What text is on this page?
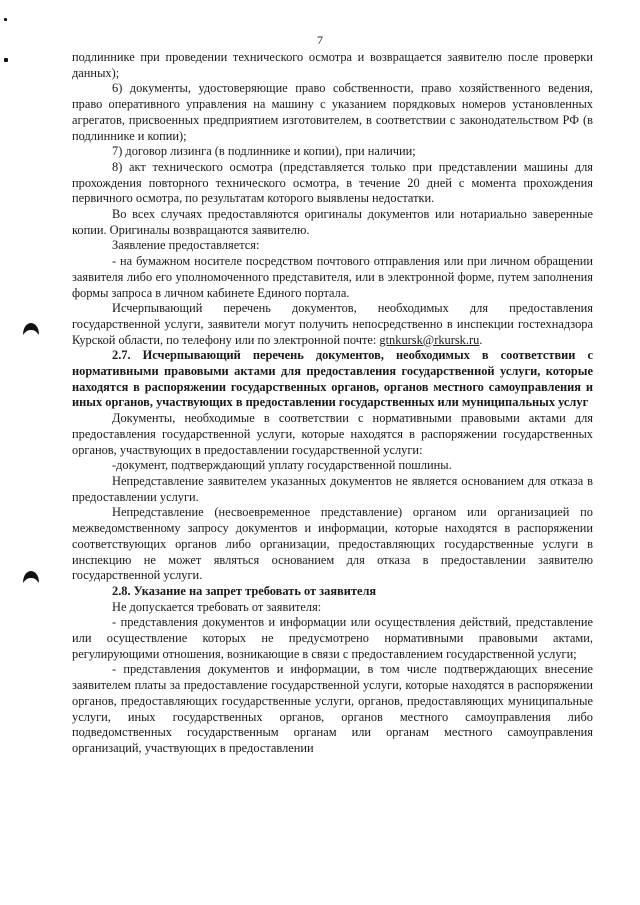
7

подлиннике при проведении технического осмотра и возвращается заявителю после проверки данных);

6) документы, удостоверяющие право собственности, право хозяйственного ведения, право оперативного управления на машину с указанием порядковых номеров установленных агрегатов, присвоенных предприятием изготовителем, в соответствии с законодательством РФ (в подлиннике и копии);

7) договор лизинга (в подлиннике и копии), при наличии;

8) акт технического осмотра (представляется только при представлении машины для прохождения повторного технического осмотра, в течение 20 дней с момента прохождения первичного осмотра, по результатам которого выявлены недостатки.

Во всех случаях предоставляются оригиналы документов или нотариально заверенные копии. Оригиналы возвращаются заявителю.

Заявление предоставляется:

- на бумажном носителе посредством почтового отправления или при личном обращении заявителя либо его уполномоченного представителя, или в электронной форме, путем заполнения формы запроса в личном кабинете Единого портала.

Исчерпывающий перечень документов, необходимых для предоставления государственной услуги, заявители могут получить непосредственно в инспекции гостехнадзора Курской области, по телефону или по электронной почте: gtnkursk@rkursk.ru.

2.7. Исчерпывающий перечень документов, необходимых в соответствии с нормативными правовыми актами для предоставления государственной услуги, которые находятся в распоряжении государственных органов, органов местного самоуправления и иных органов, участвующих в предоставлении государственных или муниципальных услуг

Документы, необходимые в соответствии с нормативными правовыми актами для предоставления государственной услуги, которые находятся в распоряжении государственных органов, участвующих в предоставлении государственной услуги:

-документ, подтверждающий уплату государственной пошлины.

Непредставление заявителем указанных документов не является основанием для отказа в предоставлении услуги.

Непредставление (несвоевременное представление) органом или организацией по межведомственному запросу документов и информации, которые находятся в распоряжении соответствующих органов либо организации, предоставляющих государственные услуги в инспекцию не может являться основанием для отказа в предоставлении заявителю государственной услуги.

2.8. Указание на запрет требовать от заявителя

Не допускается требовать от заявителя:

- представления документов и информации или осуществления действий, представление или осуществление которых не предусмотрено нормативными правовыми актами, регулирующими отношения, возникающие в связи с предоставлением государственной услуги;

- представления документов и информации, в том числе подтверждающих внесение заявителем платы за предоставление государственной услуги, которые находятся в распоряжении органов, предоставляющих государственные услуги, органов, предоставляющих муниципальные услуги, иных государственных органов, органов местного самоуправления либо подведомственных государственным органам или органам местного самоуправления организаций, участвующих в предоставлении
